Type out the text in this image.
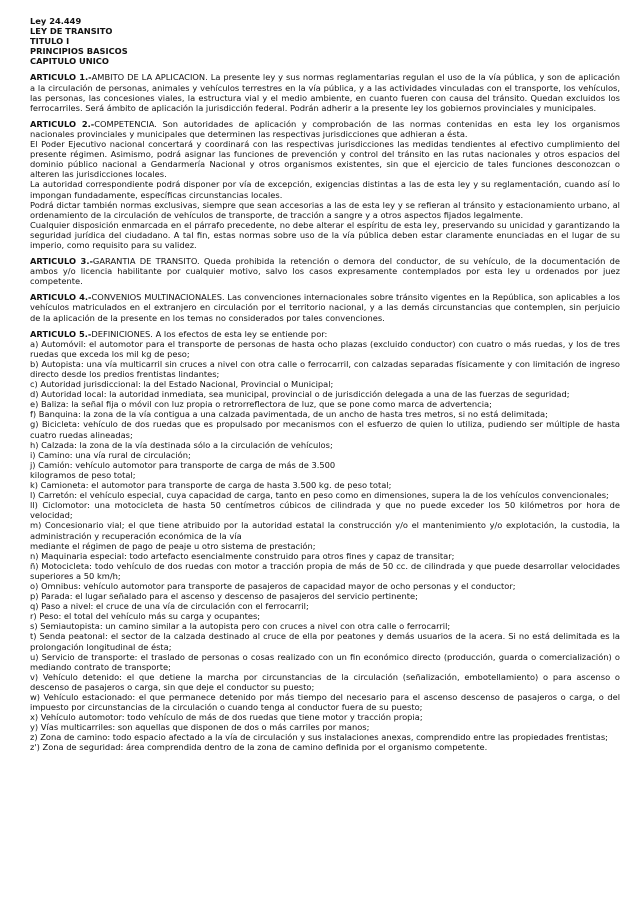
Ley 24.449

LEY DE TRANSITO

TITULO I

PRINCIPIOS BASICOS

CAPITULO UNICO

ARTICULO 1.-AMBITO DE LA APLICACION. La presente ley y sus normas reglamentarias regulan el uso de la vía pública, y son de aplicación a la circulación de personas, animales y vehículos terrestres en la vía pública, y a las actividades vinculadas con el transporte, los vehículos, las personas, las concesiones viales, la estructura vial y el medio ambiente, en cuanto fueren con causa del tránsito. Quedan excluidos los ferrocarriles. Será ámbito de aplicación la jurisdicción federal. Podrán adherir a la presente ley los gobiernos provinciales y municipales.

ARTICULO 2.-COMPETENCIA. Son autoridades de aplicación y comprobación de las normas contenidas en esta ley los organismos nacionales provinciales y municipales que determinen las respectivas jurisdicciones que adhieran a ésta.

El Poder Ejecutivo nacional concertará y coordinará con las respectivas jurisdicciones las medidas tendientes al efectivo cumplimiento del presente régimen. Asimismo, podrá asignar las funciones de prevención y control del tránsito en las rutas nacionales y otros espacios del dominio público nacional a Gendarmería Nacional y otros organismos existentes, sin que el ejercicio de tales funciones desconozcan o alteren las jurisdicciones locales.

La autoridad correspondiente podrá disponer por vía de excepción, exigencias distintas a las de esta ley y su reglamentación, cuando así lo impongan fundadamente, específicas circunstancias locales.

Podrá dictar también normas exclusivas, siempre que sean accesorias a las de esta ley y se refieran al tránsito y estacionamiento urbano, al ordenamiento de la circulación de vehículos de transporte, de tracción a sangre y a otros aspectos fijados legalmente.

Cualquier disposición enmarcada en el párrafo precedente, no debe alterar el espíritu de esta ley, preservando su unicidad y garantizando la seguridad jurídica del ciudadano. A tal fin, estas normas sobre uso de la vía pública deben estar claramente enunciadas en el lugar de su imperio, como requisito para su validez.

ARTICULO 3.-GARANTIA DE TRANSITO. Queda prohibida la retención o demora del conductor, de su vehículo, de la documentación de ambos y/o licencia habilitante por cualquier motivo, salvo los casos expresamente contemplados por esta ley u ordenados por juez competente.

ARTICULO 4.-CONVENIOS MULTINACIONALES. Las convenciones internacionales sobre tránsito vigentes en la República, son aplicables a los vehículos matriculados en el extranjero en circulación por el territorio nacional, y a las demás circunstancias que contemplen, sin perjuicio de la aplicación de la presente en los temas no considerados por tales convenciones.

ARTICULO 5.-DEFINICIONES. A los efectos de esta ley se entiende por:

a) Automóvil: el automotor para el transporte de personas de hasta ocho plazas (excluido conductor) con cuatro o más ruedas, y los de tres ruedas que exceda los mil kg de peso;

b) Autopista: una vía multicarril sin cruces a nivel con otra calle o ferrocarril, con calzadas separadas físicamente y con limitación de ingreso directo desde los predios frentistas lindantes;

c) Autoridad jurisdiccional: la del Estado Nacional, Provincial o Municipal;

d) Autoridad local: la autoridad inmediata, sea municipal, provincial o de jurisdicción delegada a una de las fuerzas de seguridad;

e) Baliza: la señal fija o móvil con luz propia o retrorreflectora de luz, que se pone como marca de advertencia;

f) Banquina: la zona de la vía contigua a una calzada pavimentada, de un ancho de hasta tres metros, si no está delimitada;

g) Bicicleta: vehículo de dos ruedas que es propulsado por mecanismos con el esfuerzo de quien lo utiliza, pudiendo ser múltiple de hasta cuatro ruedas alineadas;

h) Calzada: la zona de la vía destinada sólo a la circulación de vehículos;

i) Camino: una vía rural de circulación;

j) Camión: vehículo automotor para transporte de carga de más de 3.500

kilogramos de peso total;

k) Camioneta: el automotor para transporte de carga de hasta 3.500 kg. de peso total;

l) Carretón: el vehículo especial, cuya capacidad de carga, tanto en peso como en dimensiones, supera la de los vehículos convencionales;

ll) Ciclomotor: una motocicleta de hasta 50 centímetros cúbicos de cilindrada y que no puede exceder los 50 kilómetros por hora de velocidad;

m) Concesionario vial; el que tiene atribuido por la autoridad estatal la construcción y/o el mantenimiento y/o explotación, la custodia, la administración y recuperación económica de la vía

mediante el régimen de pago de peaje u otro sistema de prestación;

n) Maquinaria especial: todo artefacto esencialmente construido para otros fines y capaz de transitar;

ñ) Motocicleta: todo vehículo de dos ruedas con motor a tracción propia de más de 50 cc. de cilindrada y que puede desarrollar velocidades superiores a 50 km/h;

o) Omnibus: vehículo automotor para transporte de pasajeros de capacidad mayor de ocho personas y el conductor;

p) Parada: el lugar señalado para el ascenso y descenso de pasajeros del servicio pertinente;

q) Paso a nivel: el cruce de una vía de circulación con el ferrocarril;

r) Peso: el total del vehículo más su carga y ocupantes;

s) Semiautopista: un camino similar a la autopista pero con cruces a nivel con otra calle o ferrocarril;

t) Senda peatonal: el sector de la calzada destinado al cruce de ella por peatones y demás usuarios de la acera. Si no está delimitada es la prolongación longitudinal de ésta;

u) Servicio de transporte: el traslado de personas o cosas realizado con un fin económico directo (producción, guarda o comercialización) o mediando contrato de transporte;

v) Vehículo detenido: el que detiene la marcha por circunstancias de la circulación (señalización, embotellamiento) o para ascenso o descenso de pasajeros o carga, sin que deje el conductor su puesto;

w) Vehículo estacionado: el que permanece detenido por más tiempo del necesario para el ascenso descenso de pasajeros o carga, o del impuesto por circunstancias de la circulación o cuando tenga al conductor fuera de su puesto;

x) Vehículo automotor: todo vehículo de más de dos ruedas que tiene motor y tracción propia;

y) Vías multicarriles: son aquellas que disponen de dos o más carriles por manos;

z) Zona de camino: todo espacio afectado a la vía de circulación y sus instalaciones anexas, comprendido entre las propiedades frentistas;

z') Zona de seguridad: área comprendida dentro de la zona de camino definida por el organismo competente.
